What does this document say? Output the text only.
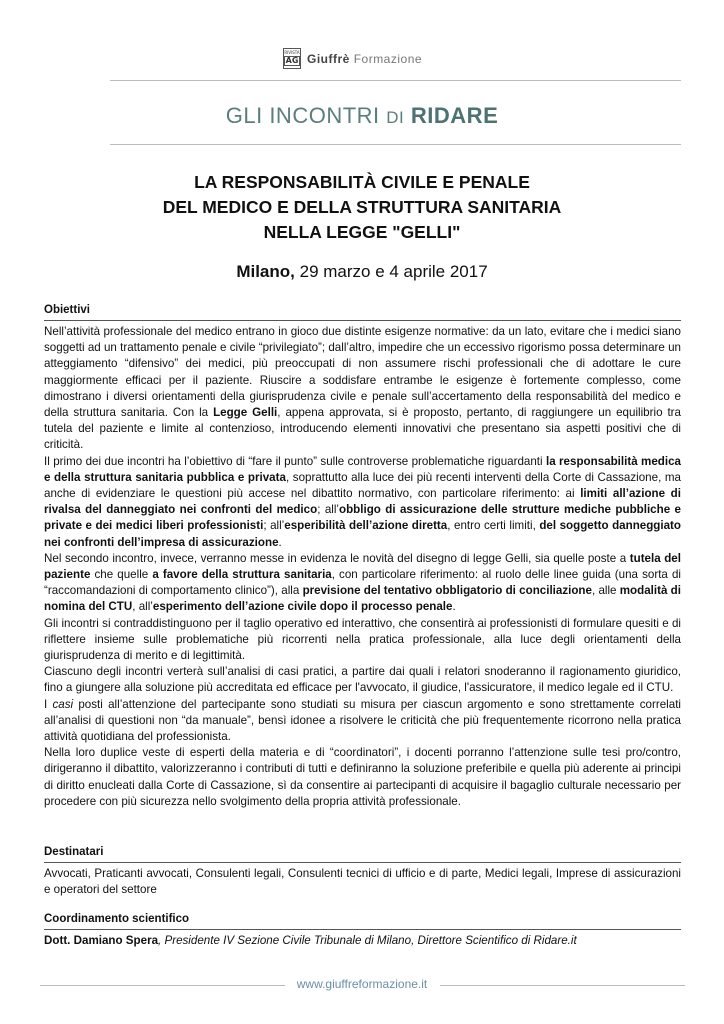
RIVISTA
AG Giuffrè Formazione
GLI INCONTRI DI RIDARE
LA RESPONSABILITÀ CIVILE E PENALE
DEL MEDICO E DELLA STRUTTURA SANITARIA
NELLA LEGGE "GELLI"
Milano, 29 marzo e 4 aprile 2017
Obiettivi

Nell’attività professionale del medico entrano in gioco due distinte esigenze normative: da un lato, evitare che i medici siano soggetti ad un trattamento penale e civile “privilegiato”; dall’altro, impedire che un eccessivo rigorismo possa determinare un atteggiamento “difensivo” dei medici, più preoccupati di non assumere rischi professionali che di adottare le cure maggiormente efficaci per il paziente. Riuscire a soddisfare entrambe le esigenze è fortemente complesso, come dimostrano i diversi orientamenti della giurisprudenza civile e penale sull’accertamento della responsabilità del medico e della struttura sanitaria. Con la Legge Gelli, appena approvata, si è proposto, pertanto, di raggiungere un equilibrio tra tutela del paziente e limite al contenzioso, introducendo elementi innovativi che presentano sia aspetti positivi che di criticità.

Il primo dei due incontri ha l’obiettivo di “fare il punto” sulle controverse problematiche riguardanti la responsabilità medica e della struttura sanitaria pubblica e privata, soprattutto alla luce dei più recenti interventi della Corte di Cassazione, ma anche di evidenziare le questioni più accese nel dibattito normativo, con particolare riferimento: ai limiti all’azione di rivalsa del danneggiato nei confronti del medico; all’obbligo di assicurazione delle strutture mediche pubbliche e private e dei medici liberi professionisti; all’esperibilità dell’azione diretta, entro certi limiti, del soggetto danneggiato nei confronti dell’impresa di assicurazione.

Nel secondo incontro, invece, verranno messe in evidenza le novità del disegno di legge Gelli, sia quelle poste a tutela del paziente che quelle a favore della struttura sanitaria, con particolare riferimento: al ruolo delle linee guida (una sorta di “raccomandazioni di comportamento clinico”), alla previsione del tentativo obbligatorio di conciliazione, alle modalità di nomina del CTU, all’esperimento dell’azione civile dopo il processo penale.

Gli incontri si contraddistinguono per il taglio operativo ed interattivo, che consentirà ai professionisti di formulare quesiti e di riflettere insieme sulle problematiche più ricorrenti nella pratica professionale, alla luce degli orientamenti della giurisprudenza di merito e di legittimità.

Ciascuno degli incontri verterà sull’analisi di casi pratici, a partire dai quali i relatori snoderanno il ragionamento giuridico, fino a giungere alla soluzione più accreditata ed efficace per l'avvocato, il giudice, l'assicuratore, il medico legale ed il CTU.

I casi posti all’attenzione del partecipante sono studiati su misura per ciascun argomento e sono strettamente correlati all’analisi di questioni non “da manuale”, bensì idonee a risolvere le criticità che più frequentemente ricorrono nella pratica attività quotidiana del professionista.

Nella loro duplice veste di esperti della materia e di “coordinatori”, i docenti porranno l’attenzione sulle tesi pro/contro, dirigeranno il dibattito, valorizzeranno i contributi di tutti e definiranno la soluzione preferibile e quella più aderente ai principi di diritto enucleati dalla Corte di Cassazione, sì da consentire ai partecipanti di acquisire il bagaglio culturale necessario per procedere con più sicurezza nello svolgimento della propria attività professionale.

Destinatari
Avvocati, Praticanti avvocati, Consulenti legali, Consulenti tecnici di ufficio e di parte, Medici legali, Imprese di assicurazioni e operatori del settore
Coordinamento scientifico
Dott. Damiano Spera, Presidente IV Sezione Civile Tribunale di Milano, Direttore Scientifico di Ridare.it
www.giuffreformazione.it
